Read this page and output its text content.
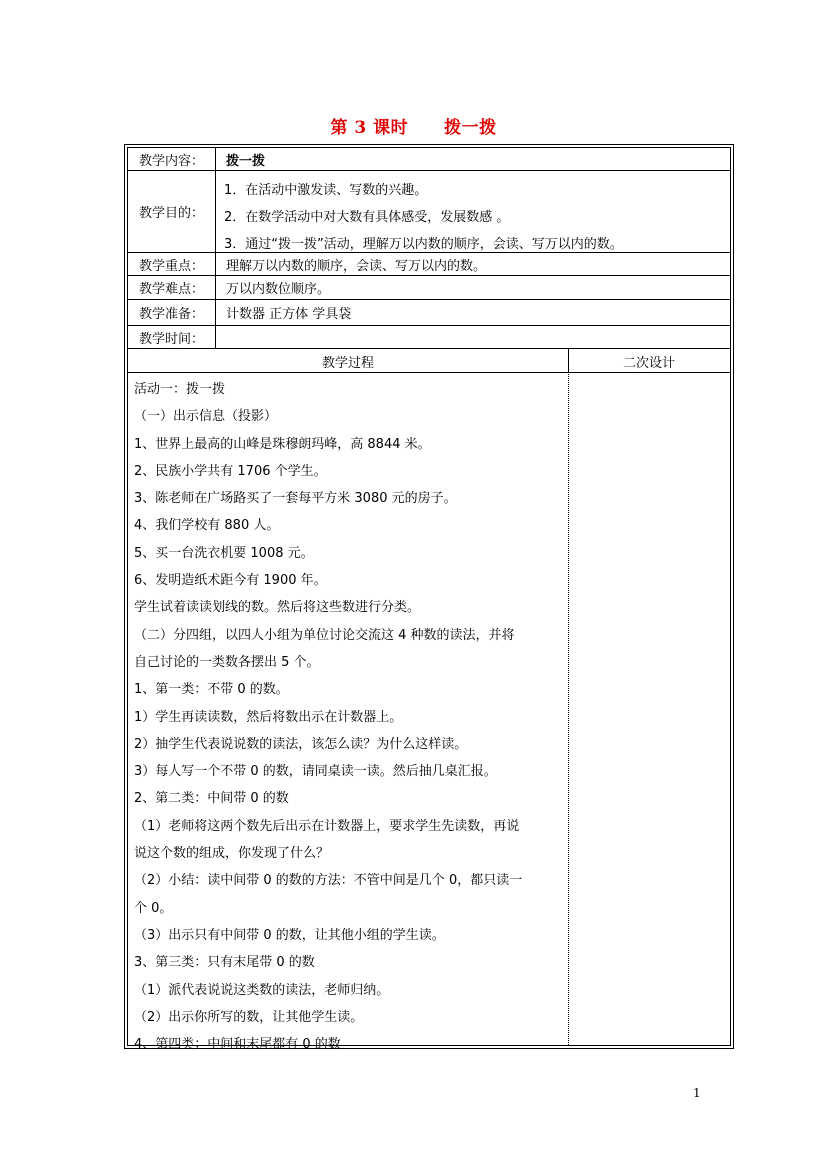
第 3 课时 拨一拨
教学内容：	拨一拨
教学目的：
1．在活动中激发读、写数的兴趣。
2．在数学活动中对大数有具体感受，发展数感 。
3．通过“拨一拨”活动，理解万以内数的顺序，会读、写万以内的数。
教学重点：	理解万以内数的顺序，会读、写万以内的数。
教学难点：	万以内数位顺序。
教学准备：	计数器 正方体 学具袋
教学时间：
教学过程	二次设计
活动一：拨一拨
（一）出示信息（投影）
1、世界上最高的山峰是珠穆朗玛峰，高 8844 米。
2、民族小学共有 1706 个学生。
3、陈老师在广场路买了一套每平方米 3080 元的房子。
4、我们学校有 880 人。
5、买一台洗衣机要 1008 元。
6、发明造纸术距今有 1900 年。
学生试着读读划线的数。然后将这些数进行分类。
（二）分四组，以四人小组为单位讨论交流这 4 种数的读法，并将
自己讨论的一类数各摆出 5 个。
1、第一类：不带 0 的数。
1）学生再读读数，然后将数出示在计数器上。
2）抽学生代表说说数的读法，该怎么读？为什么这样读。
3）每人写一个不带 0 的数，请同桌读一读。然后抽几桌汇报。
2、第二类：中间带 0 的数
（1）老师将这两个数先后出示在计数器上，要求学生先读数，再说
说这个数的组成，你发现了什么？
（2）小结：读中间带 0 的数的方法：不管中间是几个 0，都只读一
个 0。
（3）出示只有中间带 0 的数，让其他小组的学生读。
3、第三类：只有末尾带 0 的数
（1）派代表说说这类数的读法，老师归纳。
（2）出示你所写的数，让其他学生读。
4、第四类：中间和末尾都有 0 的数
1
